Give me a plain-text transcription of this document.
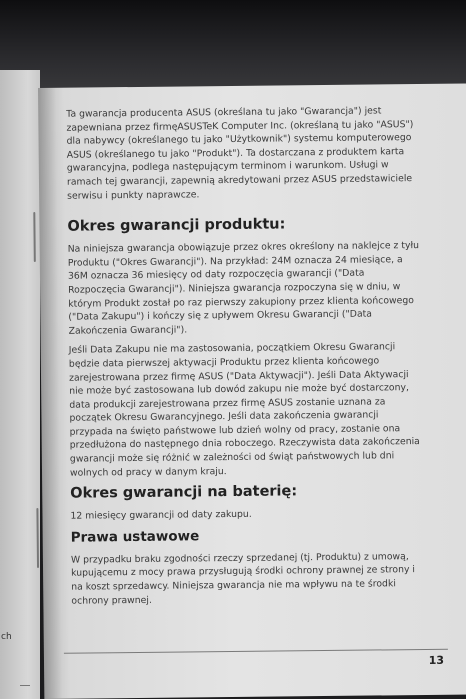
ch

Ta gwarancja producenta ASUS (określana tu jako "Gwarancja") jest zapewniana przez firmęASUSTeK Computer Inc. (określaną tu jako "ASUS") dla nabywcy (określanego tu jako "Użytkownik") systemu komputerowego ASUS (określanego tu jako "Produkt"). Ta dostarczana z produktem karta gwarancyjna, podlega następującym terminom i warunkom. Usługi w ramach tej gwarancji, zapewnią akredytowani przez ASUS przedstawiciele serwisu i punkty naprawcze.

Okres gwarancji produktu:

Na niniejsza gwarancja obowiązuje przez okres określony na naklejce z tyłu Produktu ("Okres Gwarancji"). Na przykład: 24M oznacza 24 miesiące, a 36M oznacza 36 miesięcy od daty rozpoczęcia gwarancji ("Data Rozpoczęcia Gwarancji"). Niniejsza gwarancja rozpoczyna się w dniu, w którym Produkt został po raz pierwszy zakupiony przez klienta końcowego ("Data Zakupu") i kończy się z upływem Okresu Gwarancji ("Data Zakończenia Gwarancji").

Jeśli Data Zakupu nie ma zastosowania, początkiem Okresu Gwarancji będzie data pierwszej aktywacji Produktu przez klienta końcowego zarejestrowana przez firmę ASUS ("Data Aktywacji"). Jeśli Data Aktywacji nie może być zastosowana lub dowód zakupu nie może być dostarczony, data produkcji zarejestrowana przez firmę ASUS zostanie uznana za początek Okresu Gwarancyjnego. Jeśli data zakończenia gwarancji przypada na święto państwowe lub dzień wolny od pracy, zostanie ona przedłużona do następnego dnia roboczego. Rzeczywista data zakończenia gwarancji może się różnić w zależności od świąt państwowych lub dni wolnych od pracy w danym kraju.

Okres gwarancji na baterię:

12 miesięcy gwarancji od daty zakupu.

Prawa ustawowe

W przypadku braku zgodności rzeczy sprzedanej (tj. Produktu) z umową, kupującemu z mocy prawa przysługują środki ochrony prawnej ze strony i na koszt sprzedawcy. Niniejsza gwarancja nie ma wpływu na te środki ochrony prawnej.

13
